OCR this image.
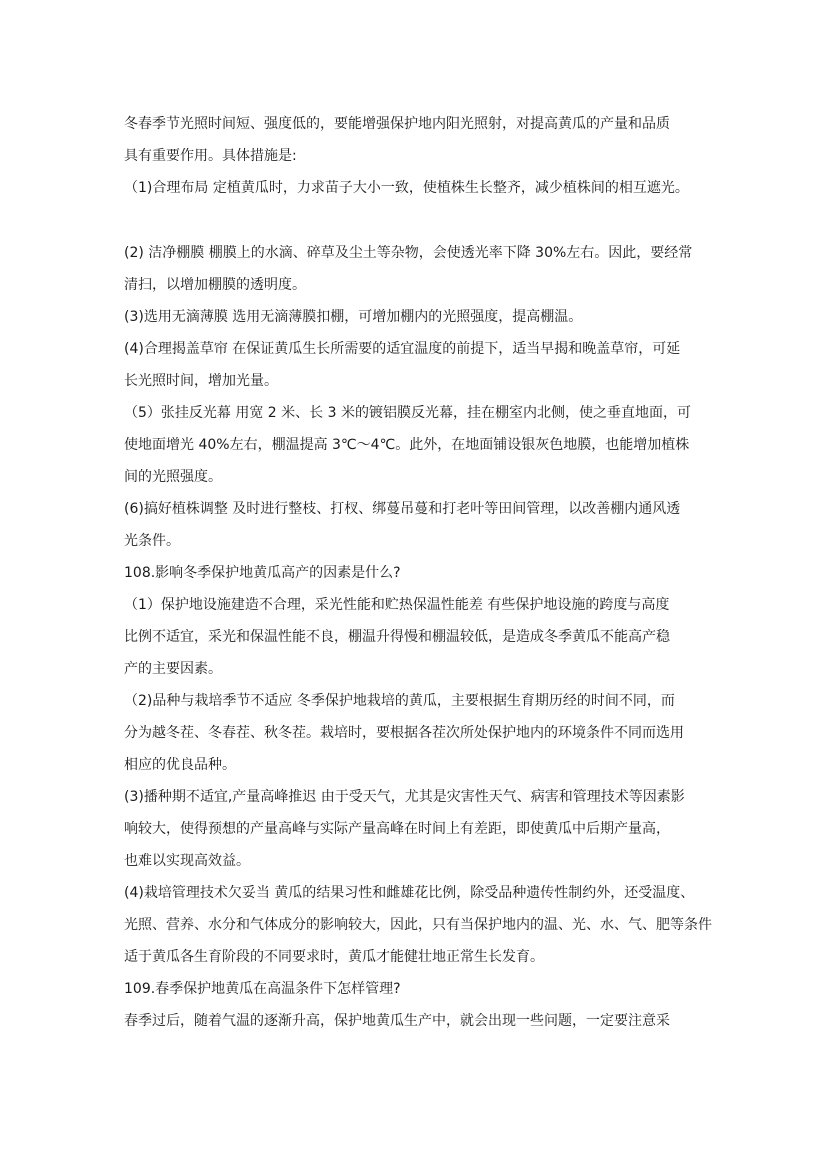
冬春季节光照时间短、强度低的，要能增强保护地内阳光照射，对提高黄瓜的产量和品质
具有重要作用。具体措施是:
（1)合理布局 定植黄瓜时，力求苗子大小一致，使植株生长整齐，减少植株间的相互遮光。
(2) 洁净棚膜 棚膜上的水滴、碎草及尘土等杂物，会使透光率下降 30%左右。因此，要经常
清扫，以增加棚膜的透明度。
(3)选用无滴薄膜 选用无滴薄膜扣棚，可增加棚内的光照强度，提高棚温。
(4)合理揭盖草帘 在保证黄瓜生长所需要的适宜温度的前提下，适当早揭和晚盖草帘，可延
长光照时间，增加光量。
（5）张挂反光幕 用宽 2 米、长 3 米的镀铝膜反光幕，挂在棚室内北侧，使之垂直地面，可
使地面增光 40%左右，棚温提高 3℃～4℃。此外，在地面铺设银灰色地膜，也能增加植株
间的光照强度。
(6)搞好植株调整 及时进行整枝、打杈、绑蔓吊蔓和打老叶等田间管理，以改善棚内通风透
光条件。
108.影响冬季保护地黄瓜高产的因素是什么?
（1）保护地设施建造不合理，采光性能和贮热保温性能差 有些保护地设施的跨度与高度
比例不适宜，采光和保温性能不良，棚温升得慢和棚温较低，是造成冬季黄瓜不能高产稳
产的主要因素。
（2)品种与栽培季节不适应 冬季保护地栽培的黄瓜，主要根据生育期历经的时间不同，而
分为越冬茬、冬春茬、秋冬茬。栽培时，要根据各茬次所处保护地内的环境条件不同而选用
相应的优良品种。
(3)播种期不适宜,产量高峰推迟 由于受天气，尤其是灾害性天气、病害和管理技术等因素影
响较大，使得预想的产量高峰与实际产量高峰在时间上有差距，即使黄瓜中后期产量高，
也难以实现高效益。
(4)栽培管理技术欠妥当 黄瓜的结果习性和雌雄花比例，除受品种遗传性制约外，还受温度、
光照、营养、水分和气体成分的影响较大，因此，只有当保护地内的温、光、水、气、肥等条件
适于黄瓜各生育阶段的不同要求时，黄瓜才能健壮地正常生长发育。
109.春季保护地黄瓜在高温条件下怎样管理?
春季过后，随着气温的逐渐升高，保护地黄瓜生产中，就会出现一些问题，一定要注意采
